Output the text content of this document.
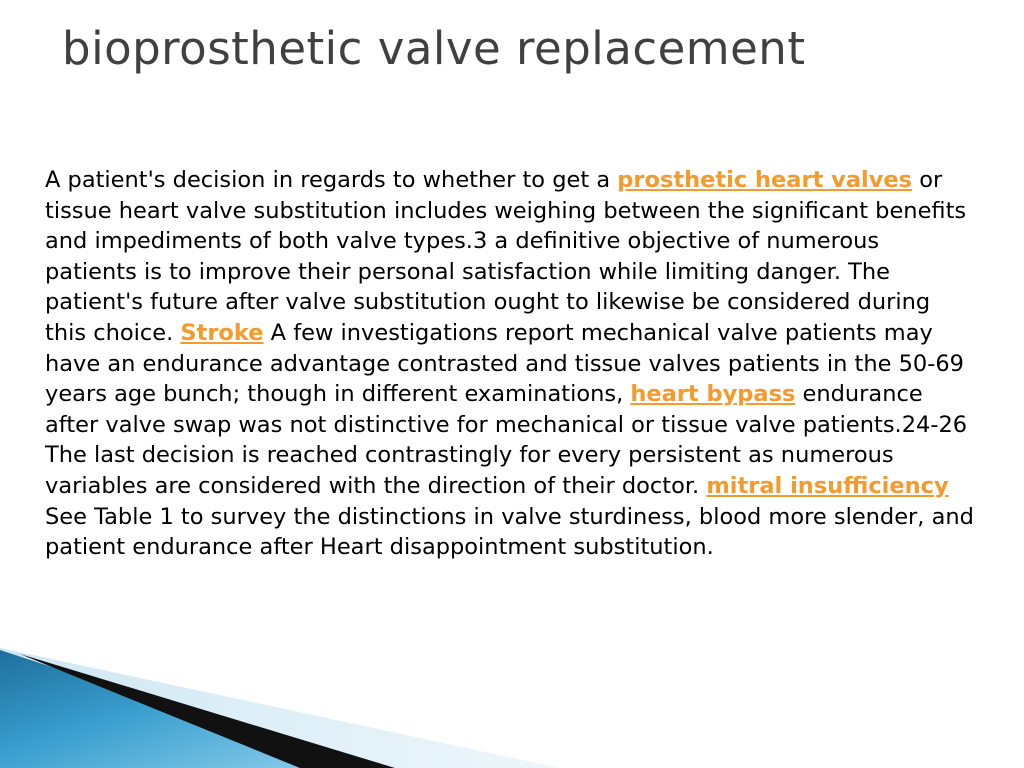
bioprosthetic valve replacement

A patient's decision in regards to whether to get a prosthetic heart valves or tissue heart valve substitution includes weighing between the significant benefits and impediments of both valve types.3 a definitive objective of numerous patients is to improve their personal satisfaction while limiting danger. The patient's future after valve substitution ought to likewise be considered during this choice. Stroke A few investigations report mechanical valve patients may have an endurance advantage contrasted and tissue valves patients in the 50-69 years age bunch; though in different examinations, heart bypass endurance after valve swap was not distinctive for mechanical or tissue valve patients.24-26 The last decision is reached contrastingly for every persistent as numerous variables are considered with the direction of their doctor. mitral insufficiency See Table 1 to survey the distinctions in valve sturdiness, blood more slender, and patient endurance after Heart disappointment substitution.
